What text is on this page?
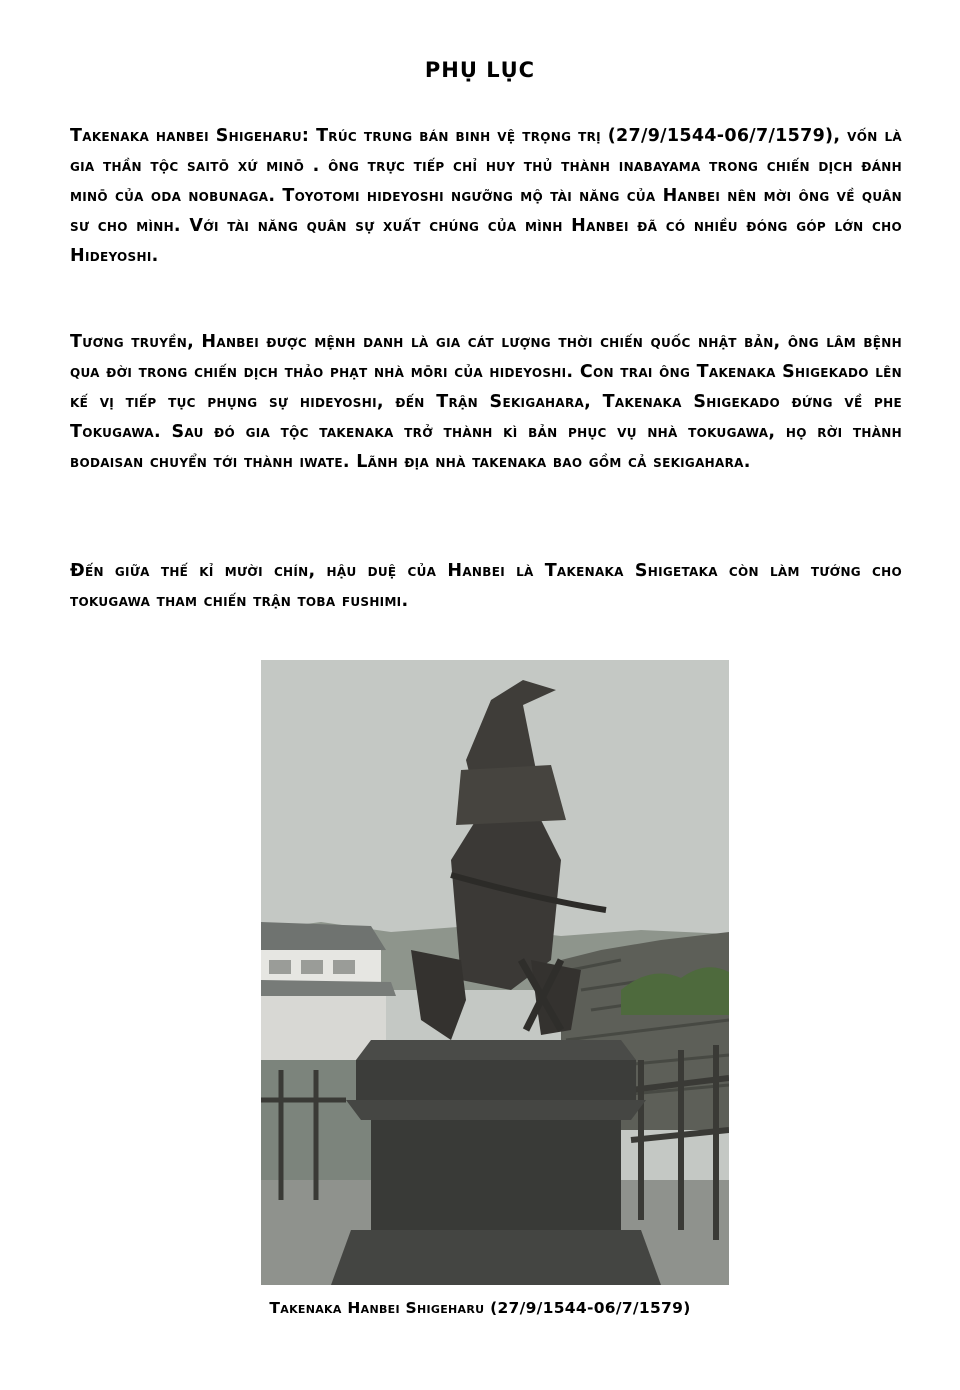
PHỤ LỤC

Takenaka hanbei Shigeharu: Trúc trung bán binh vệ trọng trị (27/9/1544-06/7/1579), vốn là gia thần tộc saitō xứ minō . ông trực tiếp chỉ huy thủ thành inabayama trong chiến dịch đánh minō của oda nobunaga. Toyotomi hideyoshi ngưỡng mộ tài năng của Hanbei nên mời ông về quân sư cho mình. Với tài năng quân sự xuất chúng của mình Hanbei đã có nhiều đóng góp lớn cho Hideyoshi.

Tương truyền, Hanbei được mệnh danh là gia cát lượng thời chiến quốc nhật bản, ông lâm bệnh qua đời trong chiến dịch thảo phạt nhà mōri của hideyoshi. Con trai ông Takenaka Shigekado lên kế vị tiếp tục phụng sự hideyoshi, đến Trận Sekigahara, Takenaka Shigekado đứng về phe Tokugawa. Sau đó gia tộc takenaka trở thành kì bản phục vụ nhà tokugawa, họ rời thành bodaisan chuyển tới thành iwate. Lãnh địa nhà takenaka bao gồm cả sekigahara.

Đến giữa thế kỉ mười chín, hậu duệ của Hanbei là Takenaka Shigetaka còn làm tướng cho tokugawa tham chiến trận toba fushimi.

Takenaka Hanbei Shigeharu (27/9/1544-06/7/1579)
